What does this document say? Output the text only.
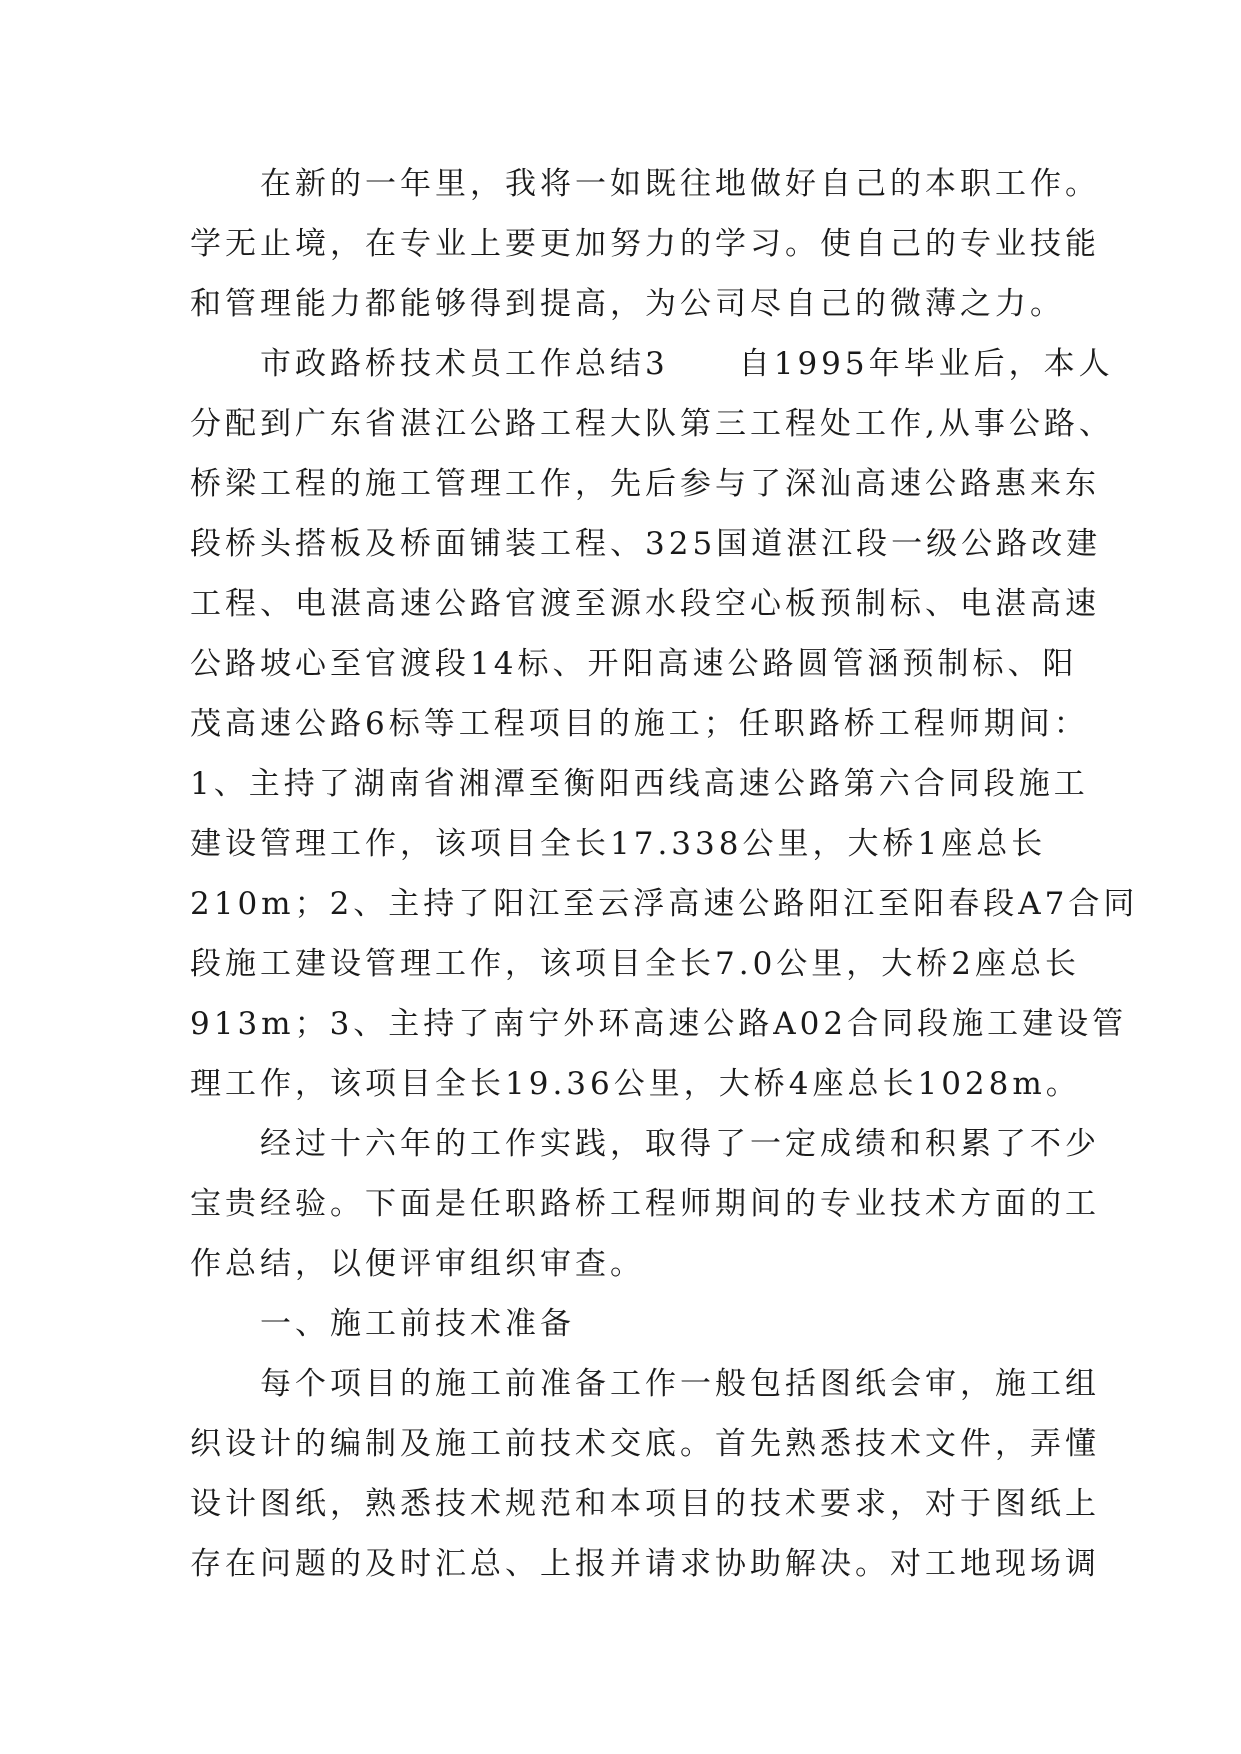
在新的一年里，我将一如既往地做好自己的本职工作。
学无止境，在专业上要更加努力的学习。使自己的专业技能
和管理能力都能够得到提高，为公司尽自己的微薄之力。
市政路桥技术员工作总结3　　自1995年毕业后，本人
分配到广东省湛江公路工程大队第三工程处工作,从事公路、
桥梁工程的施工管理工作，先后参与了深汕高速公路惠来东
段桥头搭板及桥面铺装工程、325国道湛江段一级公路改建
工程、电湛高速公路官渡至源水段空心板预制标、电湛高速
公路坡心至官渡段14标、开阳高速公路圆管涵预制标、阳
茂高速公路6标等工程项目的施工；任职路桥工程师期间：
1、主持了湖南省湘潭至衡阳西线高速公路第六合同段施工
建设管理工作，该项目全长17.338公里，大桥1座总长
210m；2、主持了阳江至云浮高速公路阳江至阳春段A7合同
段施工建设管理工作，该项目全长7.0公里，大桥2座总长
913m；3、主持了南宁外环高速公路A02合同段施工建设管
理工作，该项目全长19.36公里，大桥4座总长1028m。
经过十六年的工作实践，取得了一定成绩和积累了不少
宝贵经验。下面是任职路桥工程师期间的专业技术方面的工
作总结，以便评审组织审查。
一、施工前技术准备
每个项目的施工前准备工作一般包括图纸会审，施工组
织设计的编制及施工前技术交底。首先熟悉技术文件，弄懂
设计图纸，熟悉技术规范和本项目的技术要求，对于图纸上
存在问题的及时汇总、上报并请求协助解决。对工地现场调
